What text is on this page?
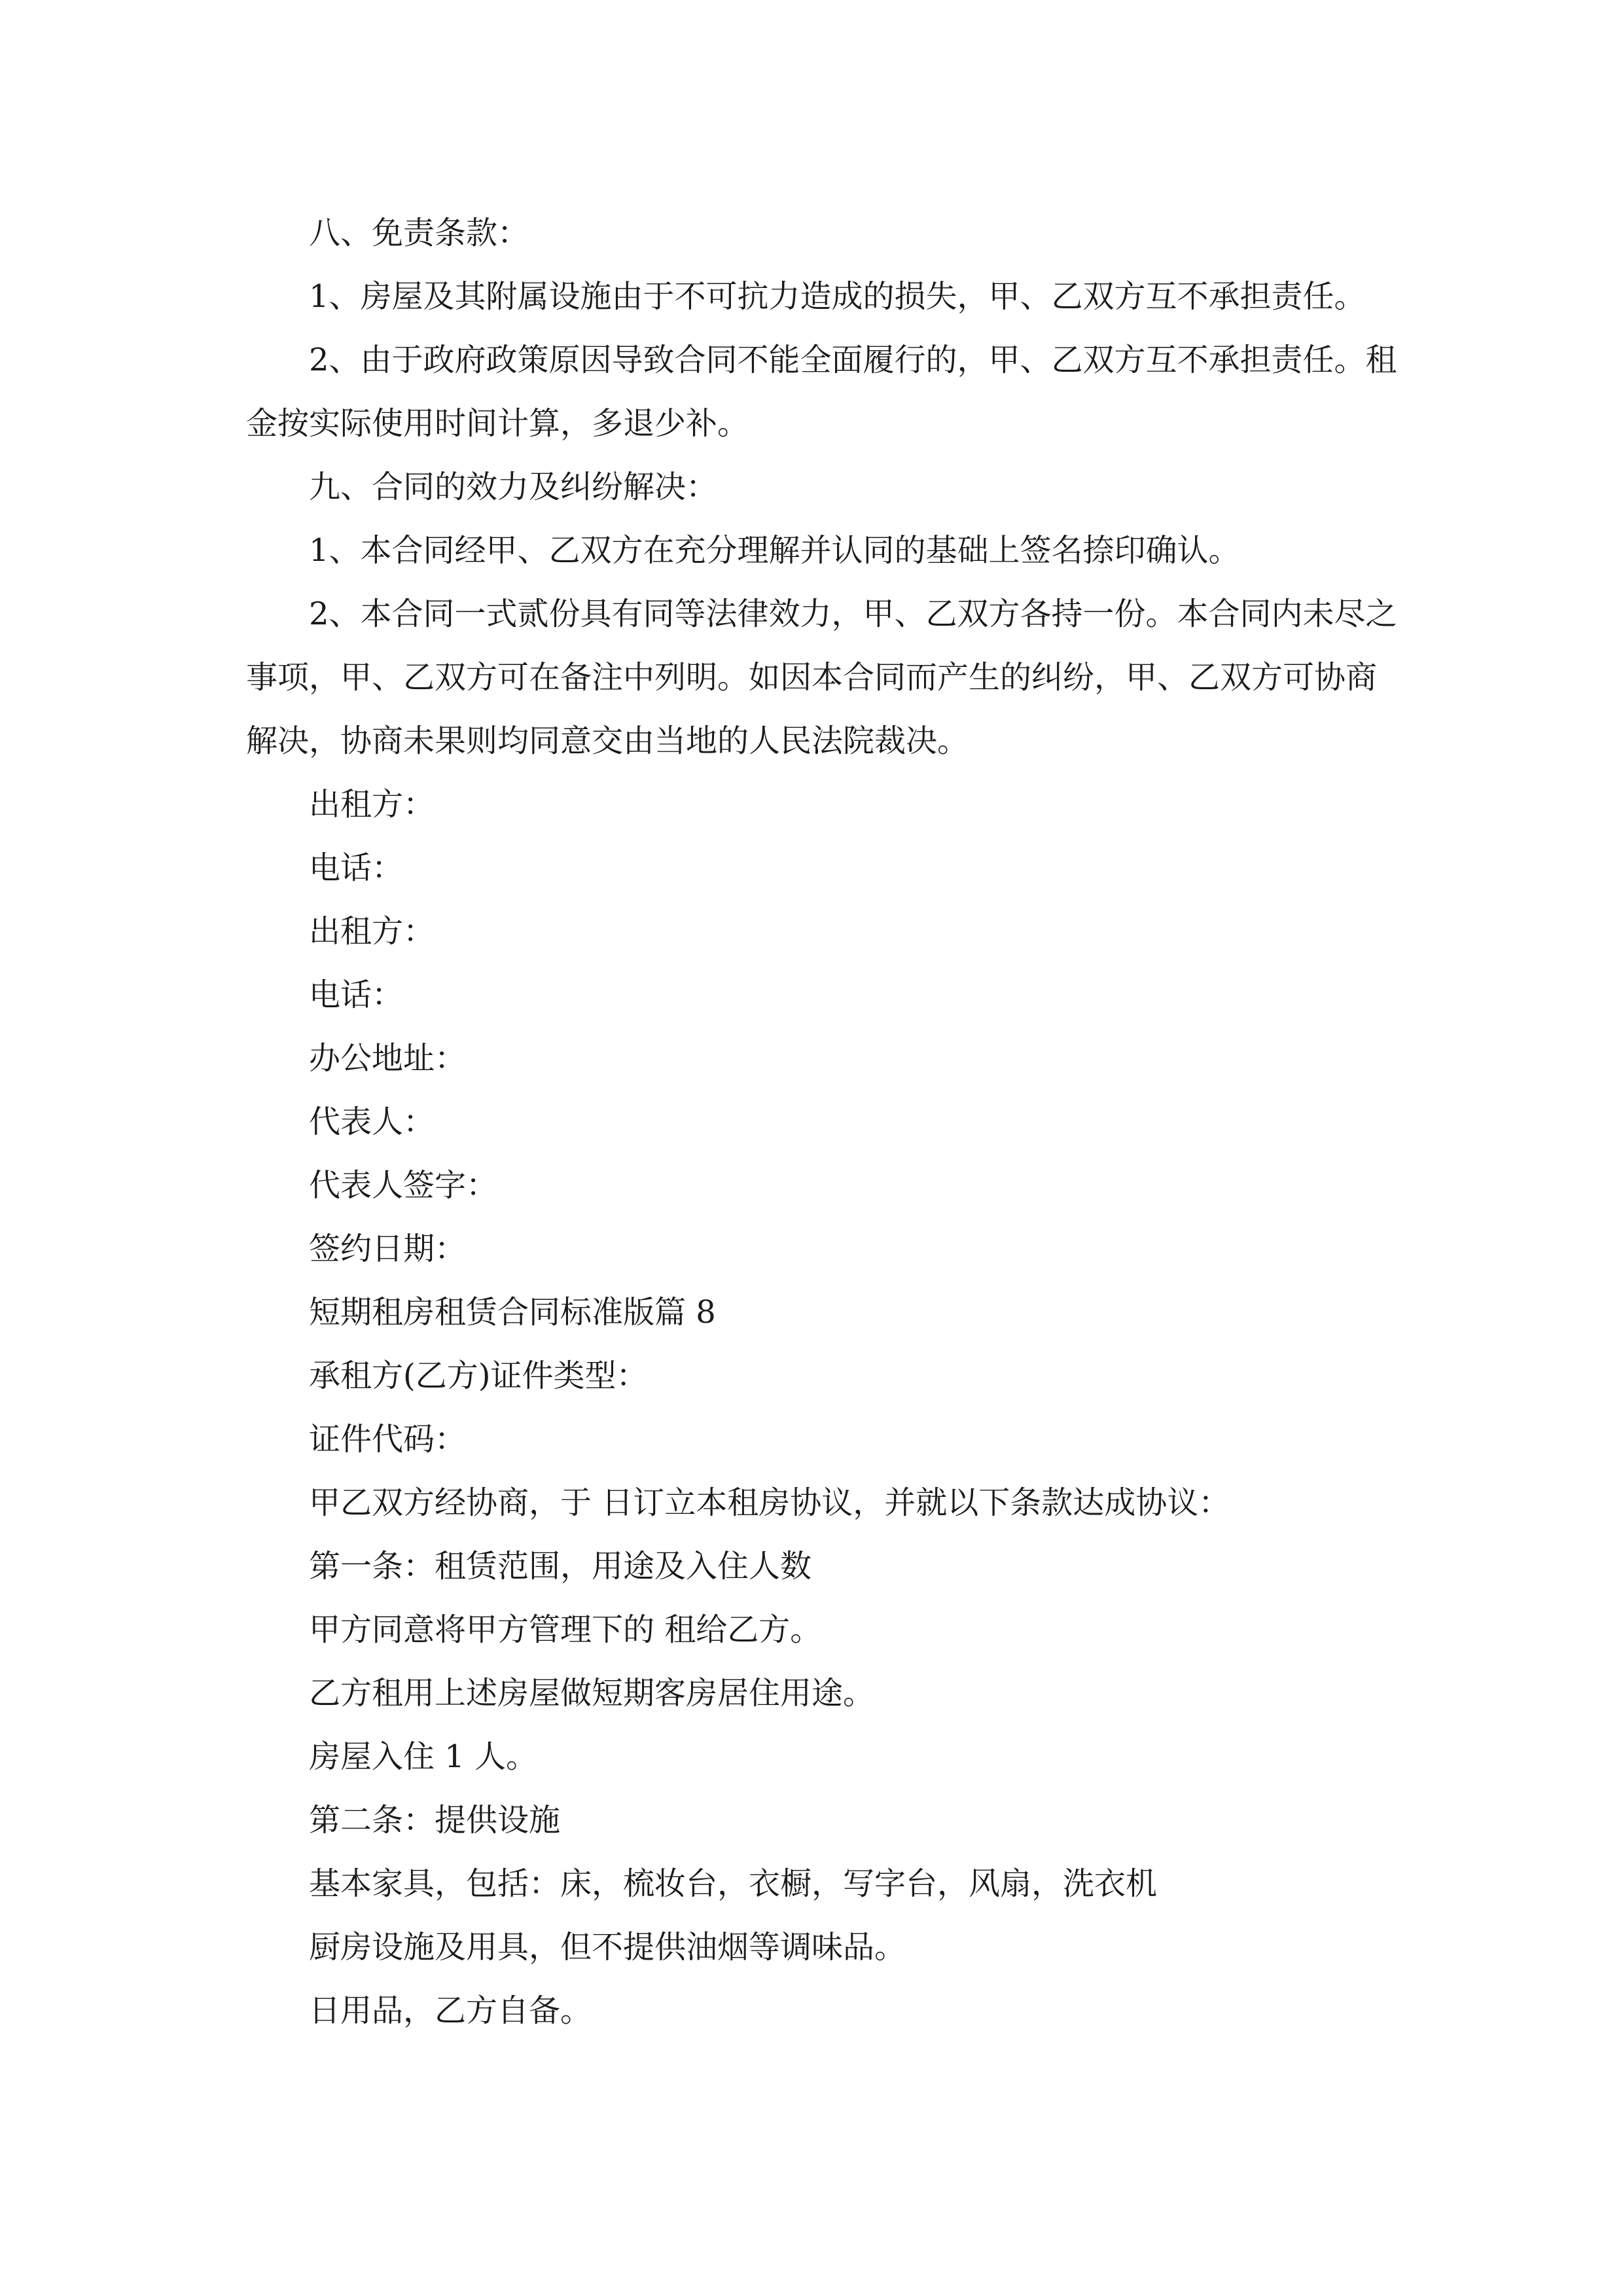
八、免责条款：

1、房屋及其附属设施由于不可抗力造成的损失，甲、乙双方互不承担责任。

2、由于政府政策原因导致合同不能全面履行的，甲、乙双方互不承担责任。租金按实际使用时间计算，多退少补。

九、合同的效力及纠纷解决：

1、本合同经甲、乙双方在充分理解并认同的基础上签名捺印确认。

2、本合同一式贰份具有同等法律效力，甲、乙双方各持一份。本合同内未尽之事项，甲、乙双方可在备注中列明。如因本合同而产生的纠纷，甲、乙双方可协商解决，协商未果则均同意交由当地的人民法院裁决。

出租方：

电话：

出租方：

电话：

办公地址：

代表人：

代表人签字：

签约日期：

短期租房租赁合同标准版篇 8

承租方(乙方)证件类型：

证件代码：

甲乙双方经协商，于 日订立本租房协议，并就以下条款达成协议：

第一条：租赁范围，用途及入住人数

甲方同意将甲方管理下的 租给乙方。

乙方租用上述房屋做短期客房居住用途。

房屋入住 1 人。

第二条：提供设施

基本家具，包括：床，梳妆台，衣橱，写字台，风扇，洗衣机

厨房设施及用具，但不提供油烟等调味品。

日用品，乙方自备。
